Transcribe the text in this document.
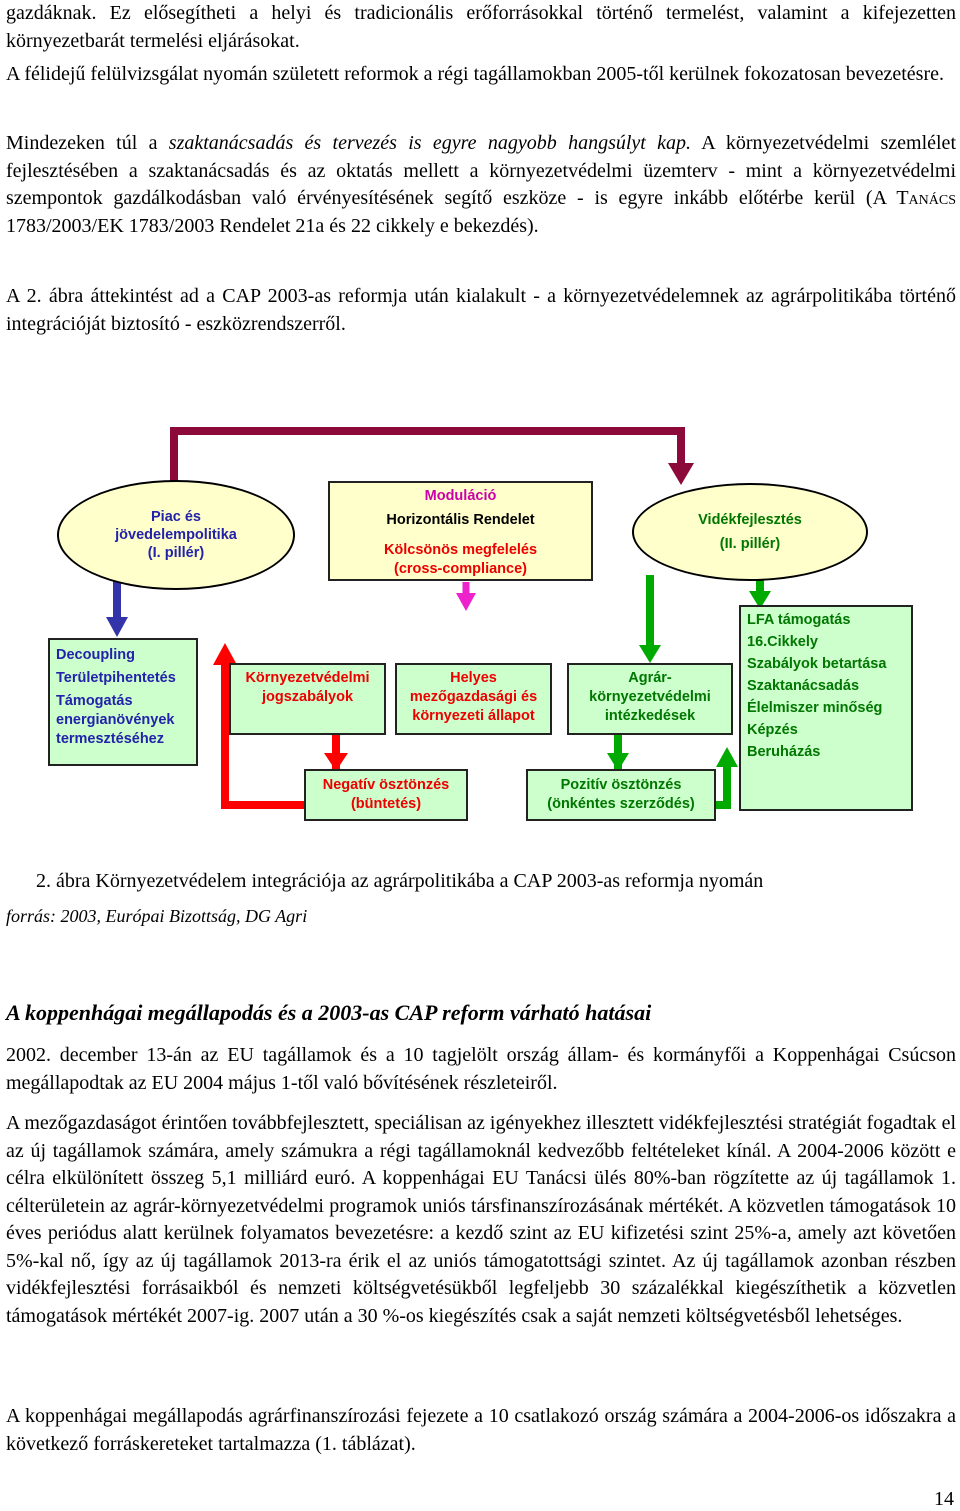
gazdáknak. Ez elősegítheti a helyi és tradicionális erőforrásokkal történő termelést, valamint a kifejezetten környezetbarát termelési eljárásokat.

A félidejű felülvizsgálat nyomán született reformok a régi tagállamokban 2005-től kerülnek fokozatosan bevezetésre.

Mindezeken túl a szaktanácsadás és tervezés is egyre nagyobb hangsúlyt kap. A környezetvédelmi szemlélet fejlesztésében a szaktanácsadás és az oktatás mellett a környezetvédelmi üzemterv - mint a környezetvédelmi szempontok gazdálkodásban való érvényesítésének segítő eszköze - is egyre inkább előtérbe kerül (A Tanács 1783/2003/EK 1783/2003 Rendelet 21a és 22 cikkely e bekezdés).

A 2. ábra áttekintést ad a CAP 2003-as reformja után kialakult - a környezetvédelemnek az agrárpolitikába történő integrációját biztosító - eszközrendszerről.

Piac és
jövedelempolitika
(I. pillér)
Vidékfejlesztés
(II. pillér)
Moduláció
Horizontális Rendelet
Kölcsönös megfelelés
(cross-compliance)
Decoupling
Területpihentetés
Támogatás
energianövények
termesztéséhez
Környezetvédelmi
jogszabályok
Helyes
mezőgazdasági és
környezeti állapot
Agrár-
környezetvédelmi
intézkedések
LFA támogatás
16.Cikkely
Szabályok betartása
Szaktanácsadás
Élelmiszer minőség
Képzés
Beruházás
Negatív ösztönzés
(büntetés)
Pozitív ösztönzés
(önkéntes szerződés)
2. ábra Környezetvédelem integrációja az agrárpolitikába a CAP 2003-as reformja nyomán
forrás: 2003, Európai Bizottság, DG Agri
A koppenhágai megállapodás és a 2003-as CAP reform várható hatásai

2002. december 13-án az EU tagállamok és a 10 tagjelölt ország állam- és kormányfői a Koppenhágai Csúcson megállapodtak az EU 2004 május 1-től való bővítésének részleteiről.

A mezőgazdaságot érintően továbbfejlesztett, speciálisan az igényekhez illesztett vidékfejlesztési stratégiát fogadtak el az új tagállamok számára, amely számukra a régi tagállamoknál kedvezőbb feltételeket kínál. A 2004-2006 között e célra elkülönített összeg 5,1 milliárd euró. A koppenhágai EU Tanácsi ülés 80%-ban rögzítette az új tagállamok 1. célterületein az agrár-környezetvédelmi programok uniós társfinanszírozásának mértékét. A közvetlen támogatások 10 éves periódus alatt kerülnek folyamatos bevezetésre: a kezdő szint az EU kifizetési szint 25%-a, amely azt követően 5%-kal nő, így az új tagállamok 2013-ra érik el az uniós támogatottsági szintet. Az új tagállamok azonban részben vidékfejlesztési forrásaikból és nemzeti költségvetésükből legfeljebb 30 százalékkal kiegészíthetik a közvetlen támogatások mértékét 2007-ig. 2007 után a 30 %-os kiegészítés csak a saját nemzeti költségvetésből lehetséges.

A koppenhágai megállapodás agrárfinanszírozási fejezete a 10 csatlakozó ország számára a 2004-2006-os időszakra a következő forráskereteket tartalmazza (1. táblázat).

14
